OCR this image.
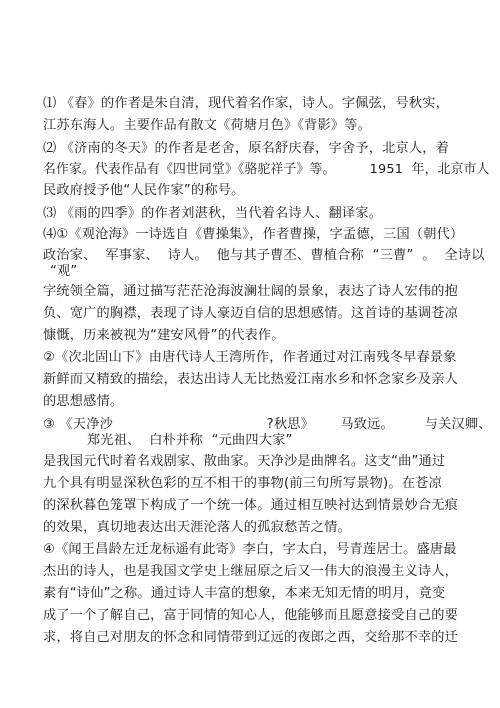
⑴ 《春》的作者是朱自清，现代着名作家，诗人。字佩弦，号秋实，
江苏东海人。主要作品有散文《荷塘月色》《背影》等。
⑵ 《济南的冬天》的作者是老舍，原名舒庆春，字舍予，北京人，着
名作家。代表作品有《四世同堂》《骆驼祥子》等。        1951  年，北京市人
民政府授予他“人民作家”的称号。
⑶ 《雨的四季》的作者刘湛秋，当代着名诗人、翻译家。
⑷①《观沧海》一诗选自《曹操集》，作者曹操，字孟德，三国（朝代）
政治家、  军事家、  诗人。  他与其子曹丕、曹植合称  “三曹”  。  全诗以
“观”
字统领全篇，通过描写茫茫沧海波澜壮阔的景象，表达了诗人宏伟的抱
负、宽广的胸襟，表现了诗人豪迈自信的思想感情。这首诗的基调苍凉
慷慨，历来被视为“建安风骨”的代表作。
②《次北固山下》由唐代诗人王湾所作，作者通过对江南残冬早春景象
新鲜而又精致的描绘，表达出诗人无比热爱江南水乡和怀念家乡及亲人
的思想感情。
③ 《天净沙                                   ?秋思》      马致远。       与关汉卿、
郑光祖、  白朴并称  “元曲四大家”
是我国元代时着名戏剧家、散曲家。天净沙是曲牌名。这支“曲”通过
九个具有明显深秋色彩的互不相干的事物(前三句所写景物)。在苍凉
的深秋暮色笼罩下构成了一个统一体。通过相互映衬达到情景妙合无痕
的效果，真切地表达出天涯沦落人的孤寂愁苦之情。
④《闻王昌龄左迁龙标遥有此寄》李白，字太白，号青莲居士。盛唐最
杰出的诗人，也是我国文学史上继屈原之后又一伟大的浪漫主义诗人，
素有“诗仙”之称。通过诗人丰富的想象，本来无知无情的明月，竟变
成了一个了解自己，富于同情的知心人，他能够而且愿意接受自己的要
求，将自己对朋友的怀念和同情带到辽远的夜郎之西，交给那不幸的迁
